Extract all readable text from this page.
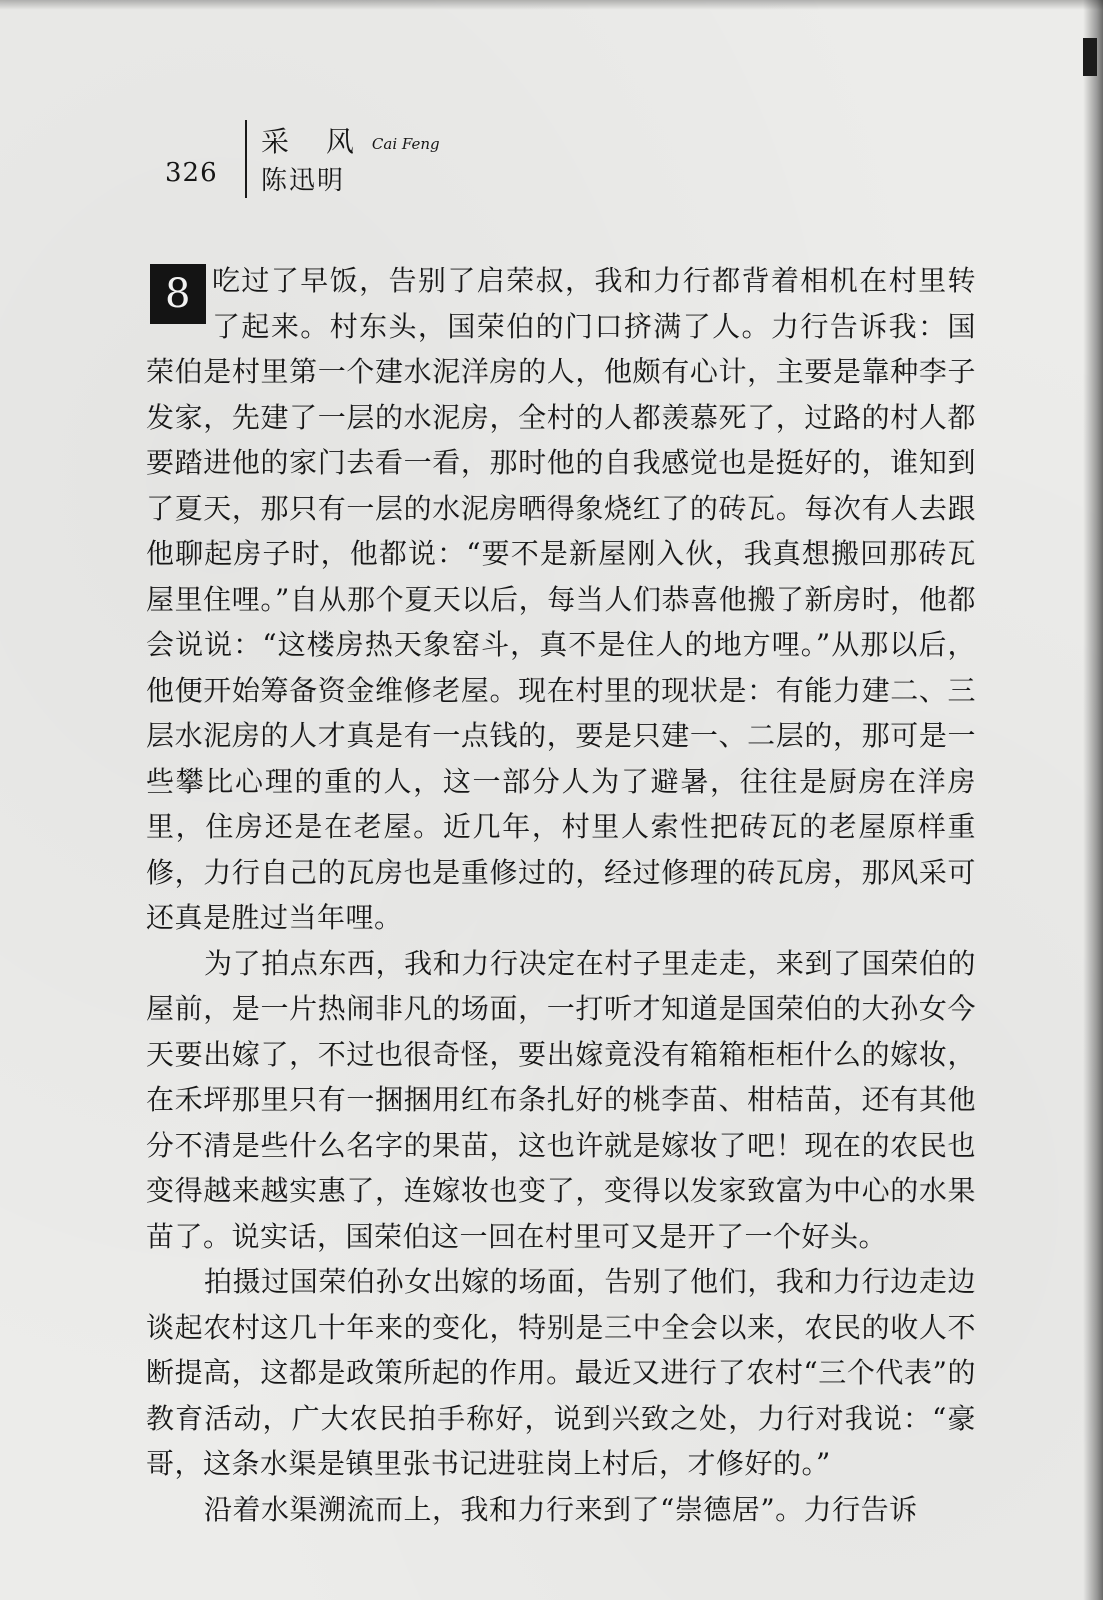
326
采 风 Cai Feng
陈迅明

8 吃过了早饭，告别了启荣叔，我和力行都背着相机在村里转了起来。村东头，国荣伯的门口挤满了人。力行告诉我：国荣伯是村里第一个建水泥洋房的人，他颇有心计，主要是靠种李子发家，先建了一层的水泥房，全村的人都羡慕死了，过路的村人都要踏进他的家门去看一看，那时他的自我感觉也是挺好的，谁知到了夏天，那只有一层的水泥房晒得象烧红了的砖瓦。每次有人去跟他聊起房子时，他都说：“要不是新屋刚入伙，我真想搬回那砖瓦屋里住哩。”自从那个夏天以后，每当人们恭喜他搬了新房时，他都会说说：“这楼房热天象窑斗，真不是住人的地方哩。”从那以后，他便开始筹备资金维修老屋。现在村里的现状是：有能力建二、三层水泥房的人才真是有一点钱的，要是只建一、二层的，那可是一些攀比心理的重的人，这一部分人为了避暑，往往是厨房在洋房里，住房还是在老屋。近几年，村里人索性把砖瓦的老屋原样重修，力行自己的瓦房也是重修过的，经过修理的砖瓦房，那风采可还真是胜过当年哩。

为了拍点东西，我和力行决定在村子里走走，来到了国荣伯的屋前，是一片热闹非凡的场面，一打听才知道是国荣伯的大孙女今天要出嫁了，不过也很奇怪，要出嫁竟没有箱箱柜柜什么的嫁妆，在禾坪那里只有一捆捆用红布条扎好的桃李苗、柑桔苗，还有其他分不清是些什么名字的果苗，这也许就是嫁妆了吧！现在的农民也变得越来越实惠了，连嫁妆也变了，变得以发家致富为中心的水果苗了。说实话，国荣伯这一回在村里可又是开了一个好头。

拍摄过国荣伯孙女出嫁的场面，告别了他们，我和力行边走边谈起农村这几十年来的变化，特别是三中全会以来，农民的收人不断提高，这都是政策所起的作用。最近又进行了农村“三个代表”的教育活动，广大农民拍手称好，说到兴致之处，力行对我说：“豪哥，这条水渠是镇里张书记进驻岗上村后，才修好的。”

沿着水渠溯流而上，我和力行来到了“崇德居”。力行告诉
